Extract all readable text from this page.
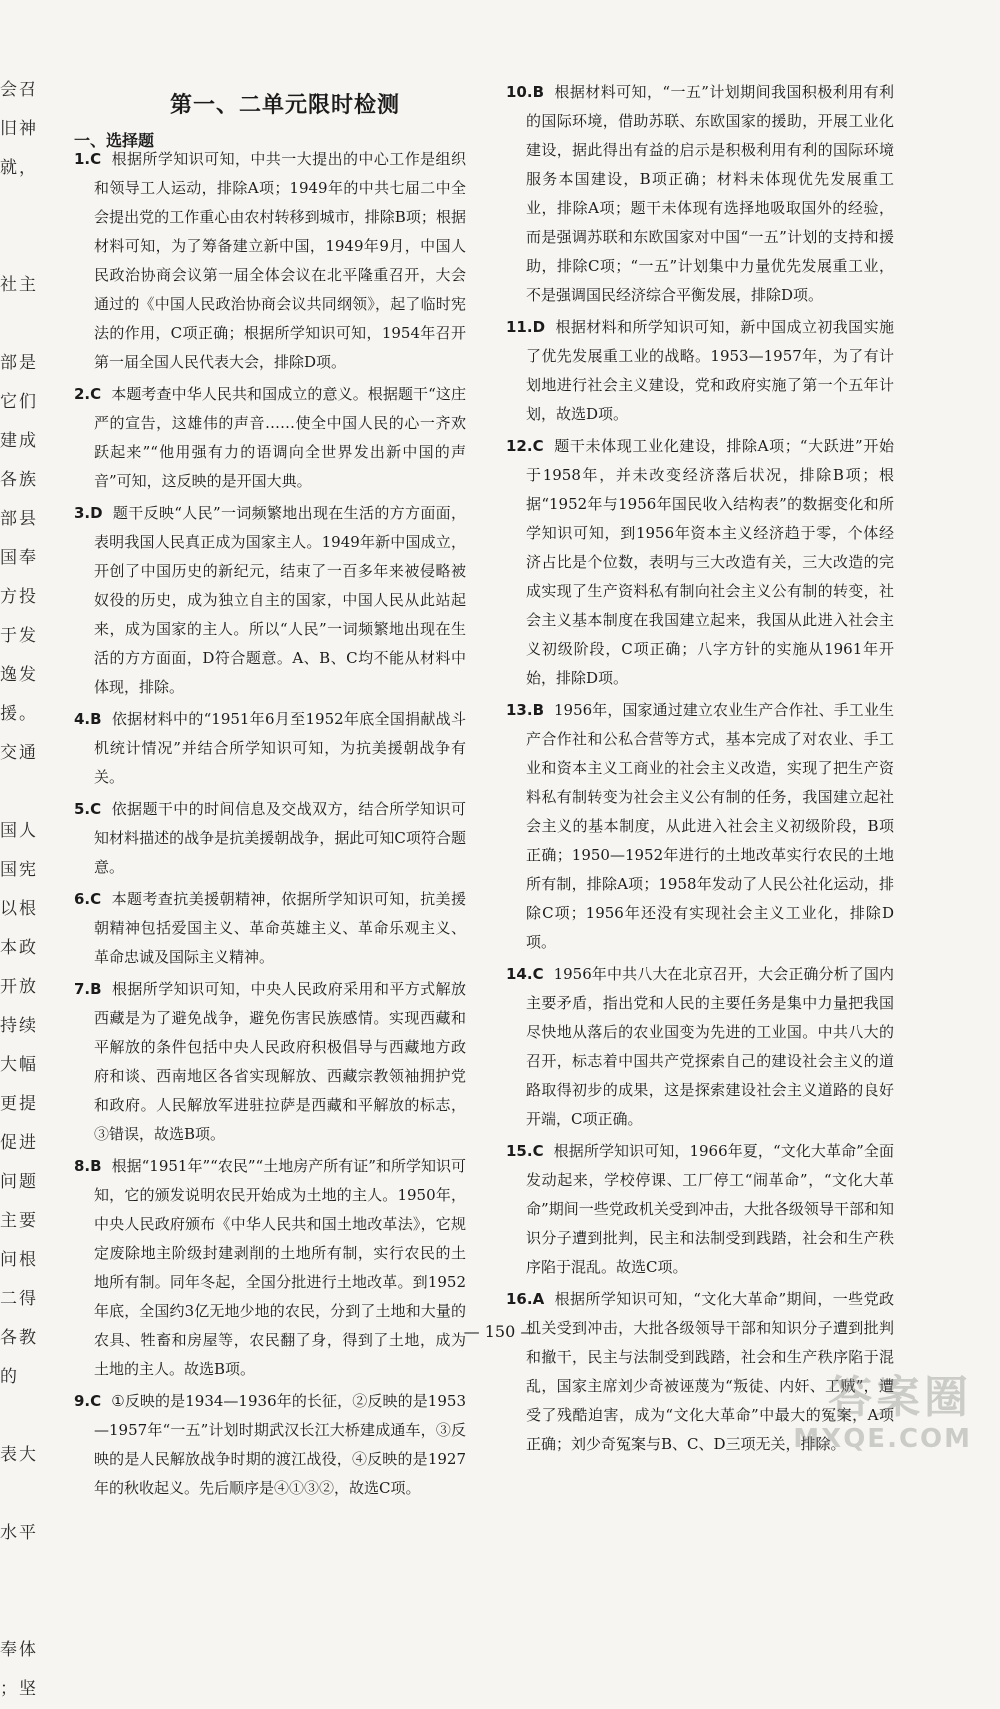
会召
旧神
就，
社主
部是
它们
建成
各族
部县
国奉
方投
于发
逸发
援。
交通
国人
国宪
以根
本政
开放
持续
大幅
更提
促进
问题
主要
问根
二得
各教
的
表大
水平
奉体
；坚
第一、二单元限时检测
一、选择题
1.C 根据所学知识可知，中共一大提出的中心工作是组织和领导工人运动，排除A项；1949年的中共七届二中全会提出党的工作重心由农村转移到城市，排除B项；根据材料可知，为了筹备建立新中国，1949年9月，中国人民政治协商会议第一届全体会议在北平隆重召开，大会通过的《中国人民政治协商会议共同纲领》，起了临时宪法的作用，C项正确；根据所学知识可知，1954年召开第一届全国人民代表大会，排除D项。
2.C 本题考查中华人民共和国成立的意义。根据题干“这庄严的宣告，这雄伟的声音……使全中国人民的心一齐欢跃起来”“他用强有力的语调向全世界发出新中国的声音”可知，这反映的是开国大典。
3.D 题干反映“人民”一词频繁地出现在生活的方方面面，表明我国人民真正成为国家主人。1949年新中国成立，开创了中国历史的新纪元，结束了一百多年来被侵略被奴役的历史，成为独立自主的国家，中国人民从此站起来，成为国家的主人。所以“人民”一词频繁地出现在生活的方方面面，D符合题意。A、B、C均不能从材料中体现，排除。
4.B 依据材料中的“1951年6月至1952年底全国捐献战斗机统计情况”并结合所学知识可知，为抗美援朝战争有关。
5.C 依据题干中的时间信息及交战双方，结合所学知识可知材料描述的战争是抗美援朝战争，据此可知C项符合题意。
6.C 本题考查抗美援朝精神，依据所学知识可知，抗美援朝精神包括爱国主义、革命英雄主义、革命乐观主义、革命忠诚及国际主义精神。
7.B 根据所学知识可知，中央人民政府采用和平方式解放西藏是为了避免战争，避免伤害民族感情。实现西藏和平解放的条件包括中央人民政府积极倡导与西藏地方政府和谈、西南地区各省实现解放、西藏宗教领袖拥护党和政府。人民解放军进驻拉萨是西藏和平解放的标志，③错误，故选B项。
8.B 根据“1951年”“农民”“土地房产所有证”和所学知识可知，它的颁发说明农民开始成为土地的主人。1950年，中央人民政府颁布《中华人民共和国土地改革法》，它规定废除地主阶级封建剥削的土地所有制，实行农民的土地所有制。同年冬起，全国分批进行土地改革。到1952年底，全国约3亿无地少地的农民，分到了土地和大量的农具、牲畜和房屋等，农民翻了身，得到了土地，成为土地的主人。故选B项。
9.C ①反映的是1934—1936年的长征，②反映的是1953—1957年“一五”计划时期武汉长江大桥建成通车，③反映的是人民解放战争时期的渡江战役，④反映的是1927年的秋收起义。先后顺序是④①③②，故选C项。
10.B 根据材料可知，“一五”计划期间我国积极利用有利的国际环境，借助苏联、东欧国家的援助，开展工业化建设，据此得出有益的启示是积极利用有利的国际环境服务本国建设，B项正确；材料未体现优先发展重工业，排除A项；题干未体现有选择地吸取国外的经验，而是强调苏联和东欧国家对中国“一五”计划的支持和援助，排除C项；“一五”计划集中力量优先发展重工业，不是强调国民经济综合平衡发展，排除D项。
11.D 根据材料和所学知识可知，新中国成立初我国实施了优先发展重工业的战略。1953—1957年，为了有计划地进行社会主义建设，党和政府实施了第一个五年计划，故选D项。
12.C 题干未体现工业化建设，排除A项；“大跃进”开始于1958年，并未改变经济落后状况，排除B项；根据“1952年与1956年国民收入结构表”的数据变化和所学知识可知，到1956年资本主义经济趋于零，个体经济占比是个位数，表明与三大改造有关，三大改造的完成实现了生产资料私有制向社会主义公有制的转变，社会主义基本制度在我国建立起来，我国从此进入社会主义初级阶段，C项正确；八字方针的实施从1961年开始，排除D项。
13.B 1956年，国家通过建立农业生产合作社、手工业生产合作社和公私合营等方式，基本完成了对农业、手工业和资本主义工商业的社会主义改造，实现了把生产资料私有制转变为社会主义公有制的任务，我国建立起社会主义的基本制度，从此进入社会主义初级阶段，B项正确；1950—1952年进行的土地改革实行农民的土地所有制，排除A项；1958年发动了人民公社化运动，排除C项；1956年还没有实现社会主义工业化，排除D项。
14.C 1956年中共八大在北京召开，大会正确分析了国内主要矛盾，指出党和人民的主要任务是集中力量把我国尽快地从落后的农业国变为先进的工业国。中共八大的召开，标志着中国共产党探索自己的建设社会主义的道路取得初步的成果，这是探索建设社会主义道路的良好开端，C项正确。
15.C 根据所学知识可知，1966年夏，“文化大革命”全面发动起来，学校停课、工厂停工“闹革命”，“文化大革命”期间一些党政机关受到冲击，大批各级领导干部和知识分子遭到批判，民主和法制受到践踏，社会和生产秩序陷于混乱。故选C项。
16.A 根据所学知识可知，“文化大革命”期间，一些党政机关受到冲击，大批各级领导干部和知识分子遭到批判和撤干，民主与法制受到践踏，社会和生产秩序陷于混乱，国家主席刘少奇被诬蔑为“叛徒、内奸、工贼”，遭受了残酷迫害，成为“文化大革命”中最大的冤案，A项正确；刘少奇冤案与B、C、D三项无关，排除。
— 150 —
答案圈
MXQE.COM
